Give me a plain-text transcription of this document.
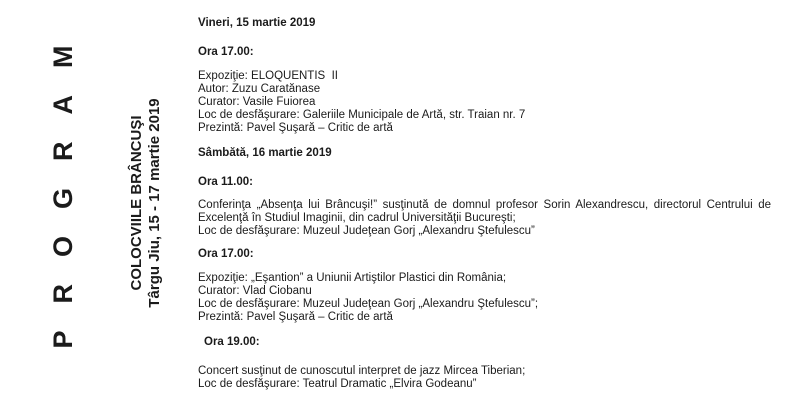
PROGRAM	COLOCVIILE BRÂNCUŞI Târgu Jiu, 15 - 17 martie 2019
Vineri, 15 martie 2019
Ora 17.00:
Expoziţie: ELOQUENTIS  II
Autor: Zuzu Caratănase
Curator: Vasile Fuiorea
Loc de desfăşurare: Galeriile Municipale de Artă, str. Traian nr. 7
Prezintă: Pavel Şuşară – Critic de artă
Sâmbătă, 16 martie 2019
Ora 11.00:
Conferinţa „Absenţa lui Brâncuşi!” susţinută de domnul profesor Sorin Alexandrescu, directorul Centrului de Excelenţă în Studiul Imaginii, din cadrul Universităţii Bucureşti;
Loc de desfăşurare: Muzeul Judeţean Gorj „Alexandru Ştefulescu”
Ora 17.00:
Expoziţie: „Eşantion” a Uniunii Artiştilor Plastici din România;
Curator: Vlad Ciobanu
Loc de desfăşurare: Muzeul Judeţean Gorj „Alexandru Ştefulescu”;
Prezintă: Pavel Şuşară – Critic de artă
Ora 19.00:
Concert susţinut de cunoscutul interpret de jazz Mircea Tiberian;
Loc de desfăşurare: Teatrul Dramatic „Elvira Godeanu”
